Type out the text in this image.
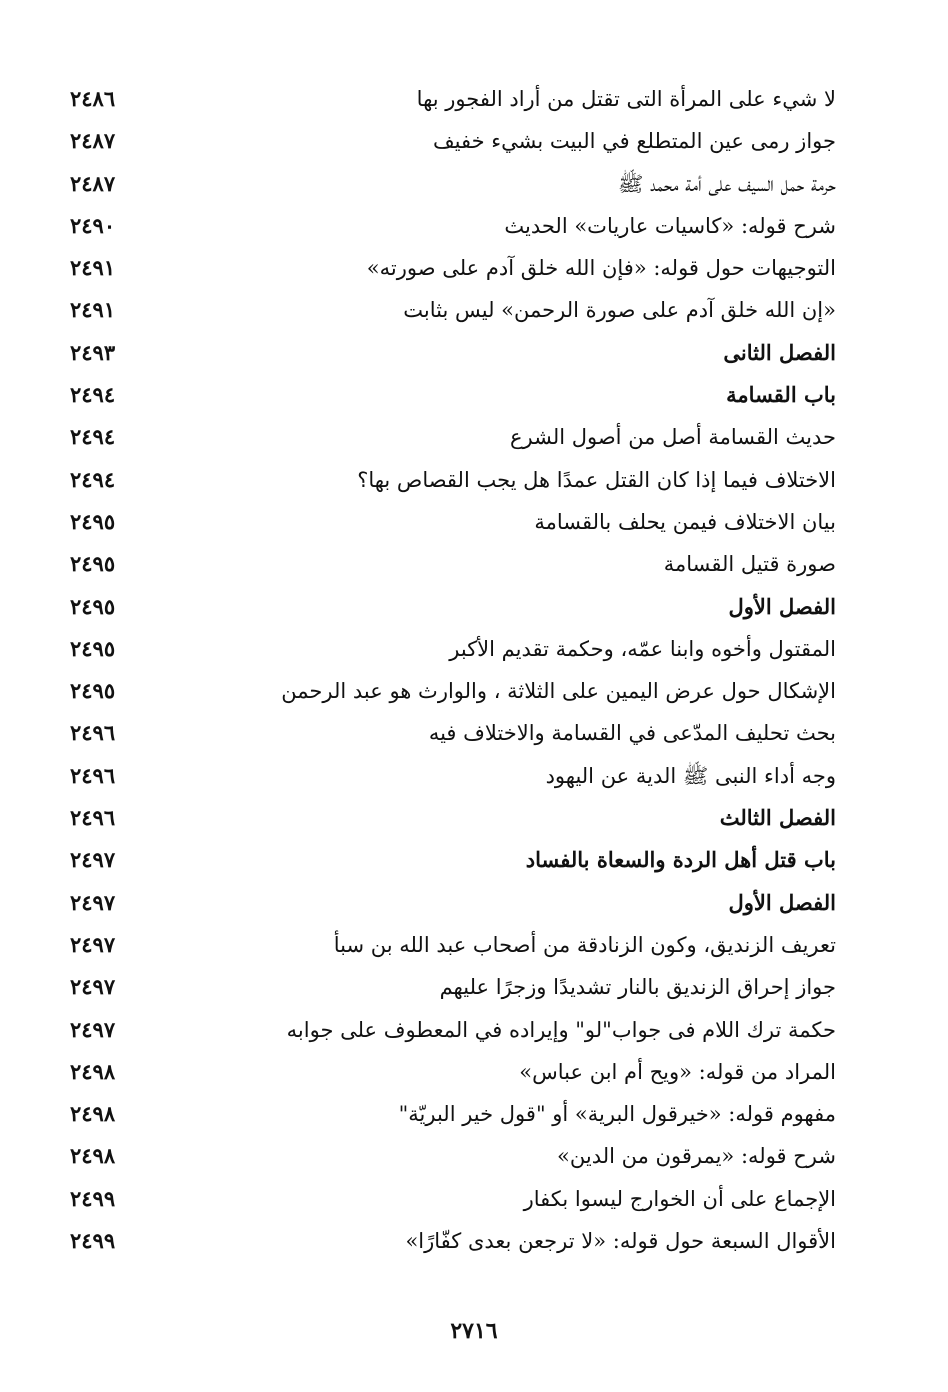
لا شيء على المرأة التى تقتل من أراد الفجور بها
٢٤٨٦
جواز رمى عين المتطلع في البيت بشيء خفيف
٢٤٨٧
حرمة حمل السيف على أمة محمد ﷺ
٢٤٨٧
شرح قوله: «كاسيات عاريات» الحديث
٢٤٩٠
التوجيهات حول قوله: «فإن الله خلق آدم على صورته»
٢٤٩١
«إن الله خلق آدم على صورة الرحمن» ليس بثابت
٢٤٩١
الفصل الثانى
٢٤٩٣
باب القسامة
٢٤٩٤
حديث القسامة أصل من أصول الشرع
٢٤٩٤
الاختلاف فيما إذا كان القتل عمدًا هل يجب القصاص بها؟
٢٤٩٤
بيان الاختلاف فيمن يحلف بالقسامة
٢٤٩٥
صورة قتيل القسامة
٢٤٩٥
الفصل الأول
٢٤٩٥
المقتول وأخوه وابنا عمّه، وحكمة تقديم الأكبر
٢٤٩٥
الإشكال حول عرض اليمين على الثلاثة ، والوارث هو عبد الرحمن
٢٤٩٥
بحث تحليف المدّعى في القسامة والاختلاف فيه
٢٤٩٦
وجه أداء النبى ﷺ الدية عن اليهود
٢٤٩٦
الفصل الثالث
٢٤٩٦
باب قتل أهل الردة والسعاة بالفساد
٢٤٩٧
الفصل الأول
٢٤٩٧
تعريف الزنديق، وكون الزنادقة من أصحاب عبد الله بن سبأ
٢٤٩٧
جواز إحراق الزنديق بالنار تشديدًا وزجرًا عليهم
٢٤٩٧
حكمة ترك اللام فى جواب"لو" وإيراده في المعطوف على جوابه
٢٤٩٧
المراد من قوله: «ويح أم ابن عباس»
٢٤٩٨
مفهوم قوله: «خيرقول البرية» أو "قول خير البريّة"
٢٤٩٨
شرح قوله: «يمرقون من الدين»
٢٤٩٨
الإجماع على أن الخوارج ليسوا بكفار
٢٤٩٩
الأقوال السبعة حول قوله: «لا ترجعن بعدى كفّارًا»
٢٤٩٩
٢٧١٦
